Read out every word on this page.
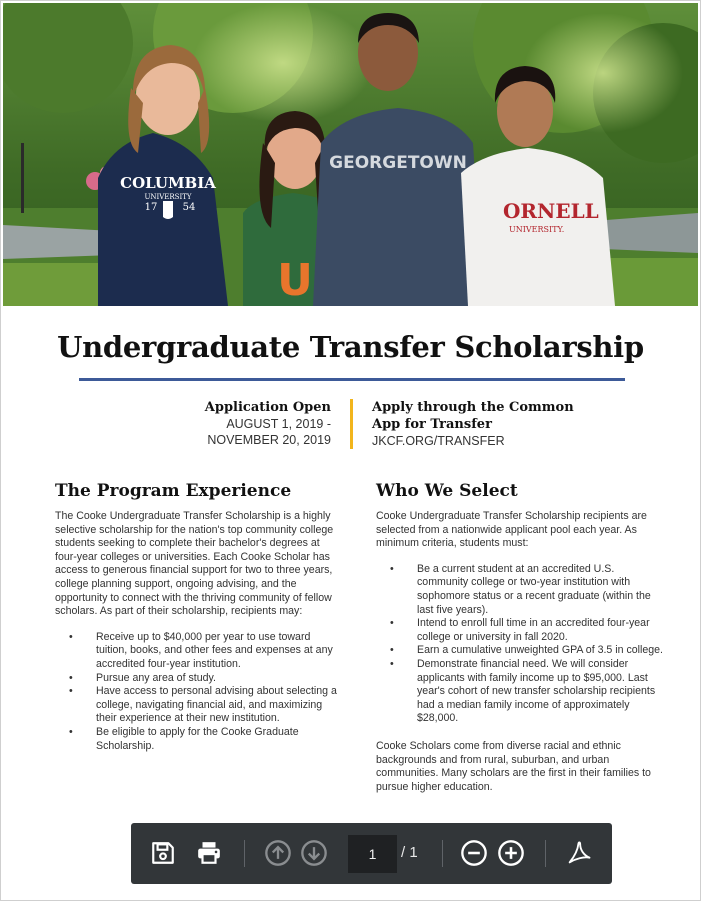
COLUMBIA
UNIVERSITY
17	54
U
GEORGETOWN
ORNELL
UNIVERSITY.
Undergraduate Transfer Scholarship
Application Open
AUGUST 1, 2019 -
NOVEMBER 20, 2019
Apply through the Common App for Transfer
JKCF.ORG/TRANSFER
The Program Experience

The Cooke Undergraduate Transfer Scholarship is a highly selective scholarship for the nation's top community college students seeking to complete their bachelor's degrees at four-year colleges or universities. Each Cooke Scholar has access to generous financial support for two to three years, college planning support, ongoing advising, and the opportunity to connect with the thriving community of fellow scholars. As part of their scholarship, recipients may:

• Receive up to $40,000 per year to use toward tuition, books, and other fees and expenses at any accredited four-year institution.
• Pursue any area of study.
• Have access to personal advising about selecting a college, navigating financial aid, and maximizing their experience at their new institution.
• Be eligible to apply for the Cooke Graduate Scholarship.
Who We Select

Cooke Undergraduate Transfer Scholarship recipients are selected from a nationwide applicant pool each year. As minimum criteria, students must:

• Be a current student at an accredited U.S. community college or two-year institution with sophomore status or a recent graduate (within the last five years).
• Intend to enroll full time in an accredited four-year college or university in fall 2020.
• Earn a cumulative unweighted GPA of 3.5 in college.
• Demonstrate financial need. We will consider applicants with family income up to $95,000. Last year's cohort of new transfer scholarship recipients had a median family income of approximately $28,000.

Cooke Scholars come from diverse racial and ethnic backgrounds and from rural, suburban, and urban communities. Many scholars are the first in their families to pursue higher education.

1
/ 1
